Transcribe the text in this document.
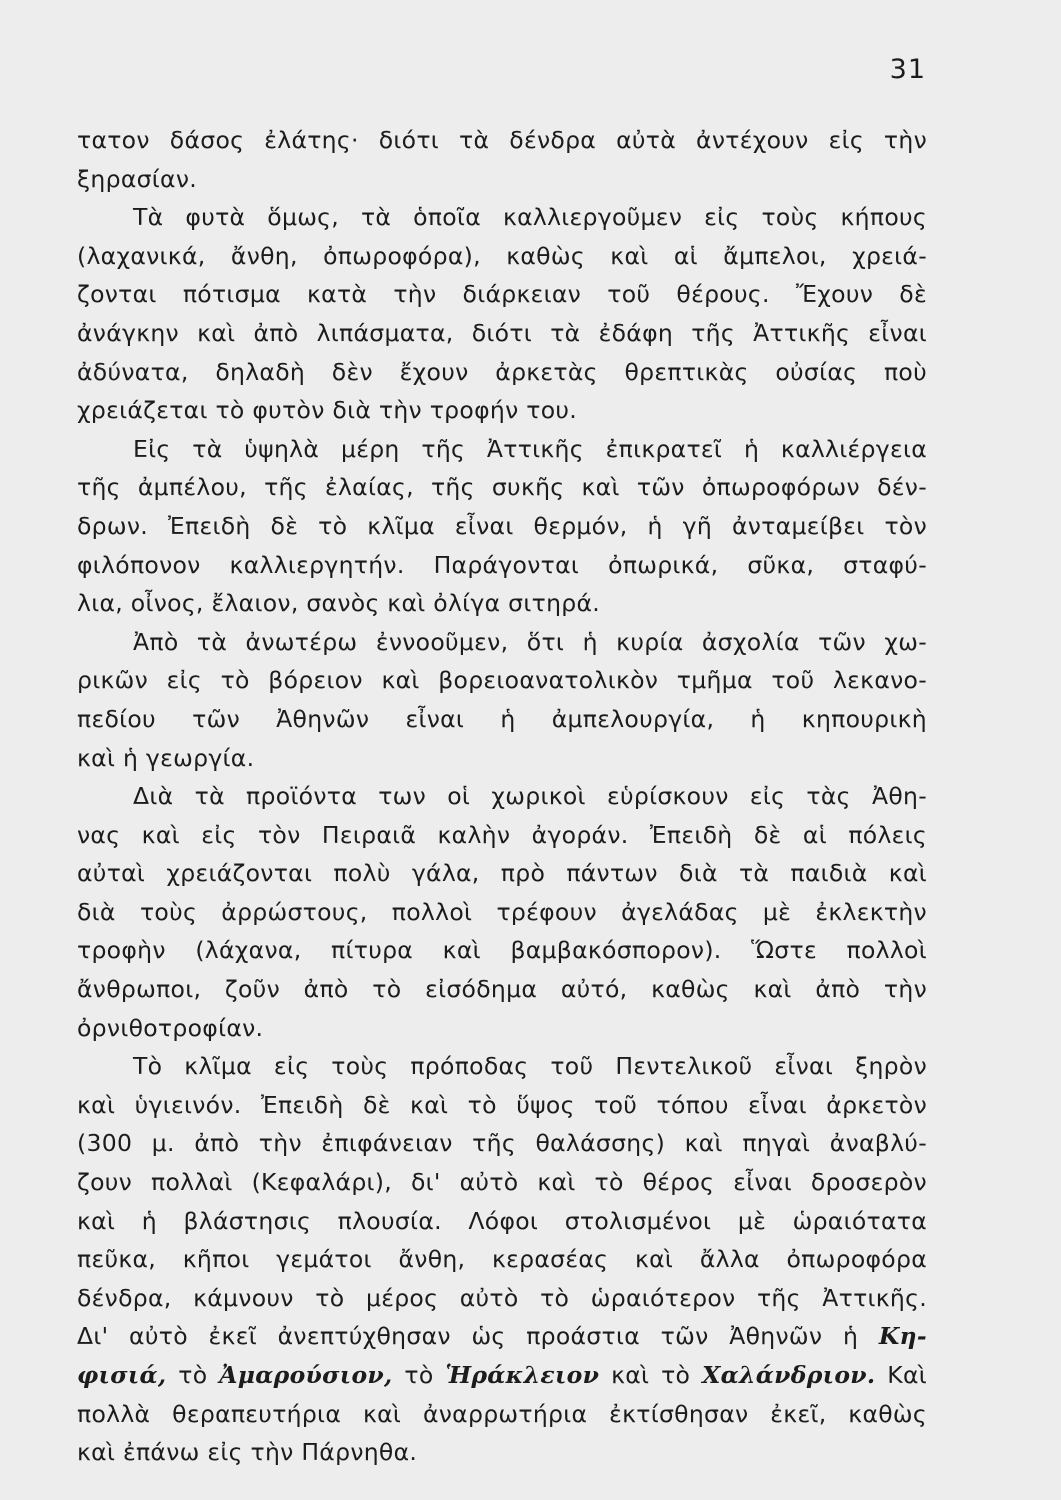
31
τατον δάσος ἐλάτης· διότι τὰ δένδρα αὐτὰ ἀντέχουν εἰς τὴν
ξηρασίαν.
Τὰ φυτὰ ὅμως, τὰ ὁποῖα καλλιεργοῦμεν εἰς τοὺς κήπους
(λαχανικά, ἄνθη, ὀπωροφόρα), καθὼς καὶ αἱ ἄμπελοι, χρειά-
ζονται πότισμα κατὰ τὴν διάρκειαν τοῦ θέρους. Ἔχουν δὲ
ἀνάγκην καὶ ἀπὸ λιπάσματα, διότι τὰ ἐδάφη τῆς Ἀττικῆς εἶναι
ἀδύνατα, δηλαδὴ δὲν ἔχουν ἀρκετὰς θρεπτικὰς οὐσίας ποὺ
χρειάζεται τὸ φυτὸν διὰ τὴν τροφήν του.
Εἰς τὰ ὑψηλὰ μέρη τῆς Ἀττικῆς ἐπικρατεῖ ἡ καλλιέργεια
τῆς ἀμπέλου, τῆς ἐλαίας, τῆς συκῆς καὶ τῶν ὀπωροφόρων δέν-
δρων. Ἐπειδὴ δὲ τὸ κλῖμα εἶναι θερμόν, ἡ γῆ ἀνταμείβει τὸν
φιλόπονον καλλιεργητήν. Παράγονται ὀπωρικά, σῦκα, σταφύ-
λια, οἶνος, ἔλαιον, σανὸς καὶ ὀλίγα σιτηρά.
Ἀπὸ τὰ ἀνωτέρω ἐννοοῦμεν, ὅτι ἡ κυρία ἀσχολία τῶν χω-
ρικῶν εἰς τὸ βόρειον καὶ βορειοανατολικὸν τμῆμα τοῦ λεκανο-
πεδίου τῶν Ἀθηνῶν εἶναι ἡ ἀμπελουργία, ἡ κηπουρικὴ
καὶ ἡ γεωργία.
Διὰ τὰ προϊόντα των οἱ χωρικοὶ εὑρίσκουν εἰς τὰς Ἀθη-
νας καὶ εἰς τὸν Πειραιᾶ καλὴν ἀγοράν. Ἐπειδὴ δὲ αἱ πόλεις
αὐταὶ χρειάζονται πολὺ γάλα, πρὸ πάντων διὰ τὰ παιδιὰ καὶ
διὰ τοὺς ἀρρώστους, πολλοὶ τρέφουν ἀγελάδας μὲ ἐκλεκτὴν
τροφὴν (λάχανα, πίτυρα καὶ βαμβακόσπορον). Ὥστε πολλοὶ
ἄνθρωποι, ζοῦν ἀπὸ τὸ εἰσόδημα αὐτό, καθὼς καὶ ἀπὸ τὴν
ὀρνιθοτροφίαν.
Τὸ κλῖμα εἰς τοὺς πρόποδας τοῦ Πεντελικοῦ εἶναι ξηρὸν
καὶ ὑγιεινόν. Ἐπειδὴ δὲ καὶ τὸ ὕψος τοῦ τόπου εἶναι ἀρκετὸν
(300 μ. ἀπὸ τὴν ἐπιφάνειαν τῆς θαλάσσης) καὶ πηγαὶ ἀναβλύ-
ζουν πολλαὶ (Κεφαλάρι), δι' αὐτὸ καὶ τὸ θέρος εἶναι δροσερὸν
καὶ ἡ βλάστησις πλουσία. Λόφοι στολισμένοι μὲ ὡραιότατα
πεῦκα, κῆποι γεμάτοι ἄνθη, κερασέας καὶ ἄλλα ὀπωροφόρα
δένδρα, κάμνουν τὸ μέρος αὐτὸ τὸ ὡραιότερον τῆς Ἀττικῆς.
Δι' αὐτὸ ἐκεῖ ἀνεπτύχθησαν ὡς προάστια τῶν Ἀθηνῶν ἡ Κη-
φισιά, τὸ Ἀμαρούσιον, τὸ Ἡράκλειον καὶ τὸ Χαλάνδριον. Καὶ
πολλὰ θεραπευτήρια καὶ ἀναρρωτήρια ἐκτίσθησαν ἐκεῖ, καθὼς
καὶ ἐπάνω εἰς τὴν Πάρνηθα.
